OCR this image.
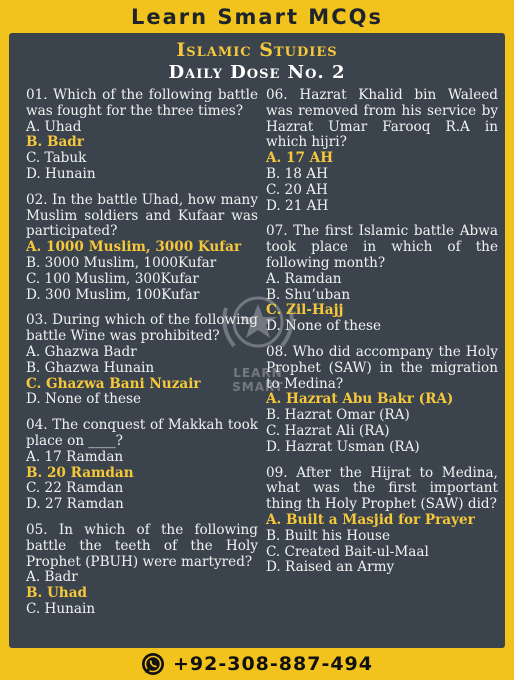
Learn Smart MCQs
Islamic Studies
Daily Dose No. 2
LEARN SMART
01. Which of the following battle was fought for the three times?
A. Uhad
B. Badr
C. Tabuk
D. Hunain
02. In the battle Uhad, how many Muslim soldiers and Kufaar was participated?
A. 1000 Muslim, 3000 Kufar
B. 3000 Muslim, 1000Kufar
C. 100 Muslim, 300Kufar
D. 300 Muslim, 100Kufar
03. During which of the following battle Wine was prohibited?
A. Ghazwa Badr
B. Ghazwa Hunain
C. Ghazwa Bani Nuzair
D. None of these
04. The conquest of Makkah took place on ____?
A. 17 Ramdan
B. 20 Ramdan
C. 22 Ramdan
D. 27 Ramdan
05. In which of the following battle the teeth of the Holy Prophet (PBUH) were martyred?
A. Badr
B. Uhad
C. Hunain
06. Hazrat Khalid bin Waleed was removed from his service by Hazrat Umar Farooq R.A in which hijri?
A. 17 AH
B. 18 AH
C. 20 AH
D. 21 AH
07. The first Islamic battle Abwa took place in which of the following month?
A. Ramdan
B. Shu’uban
C. Zil-Hajj
D. None of these
08. Who did accompany the Holy Prophet (SAW) in the migration to Medina?
A. Hazrat Abu Bakr (RA)
B. Hazrat Omar (RA)
C. Hazrat Ali (RA)
D. Hazrat Usman (RA)
09. After the Hijrat to Medina, what was the first important thing th Holy Prophet (SAW) did?
A. Built a Masjid for Prayer
B. Built his House
C. Created Bait-ul-Maal
D. Raised an Army
+92-308-887-494
